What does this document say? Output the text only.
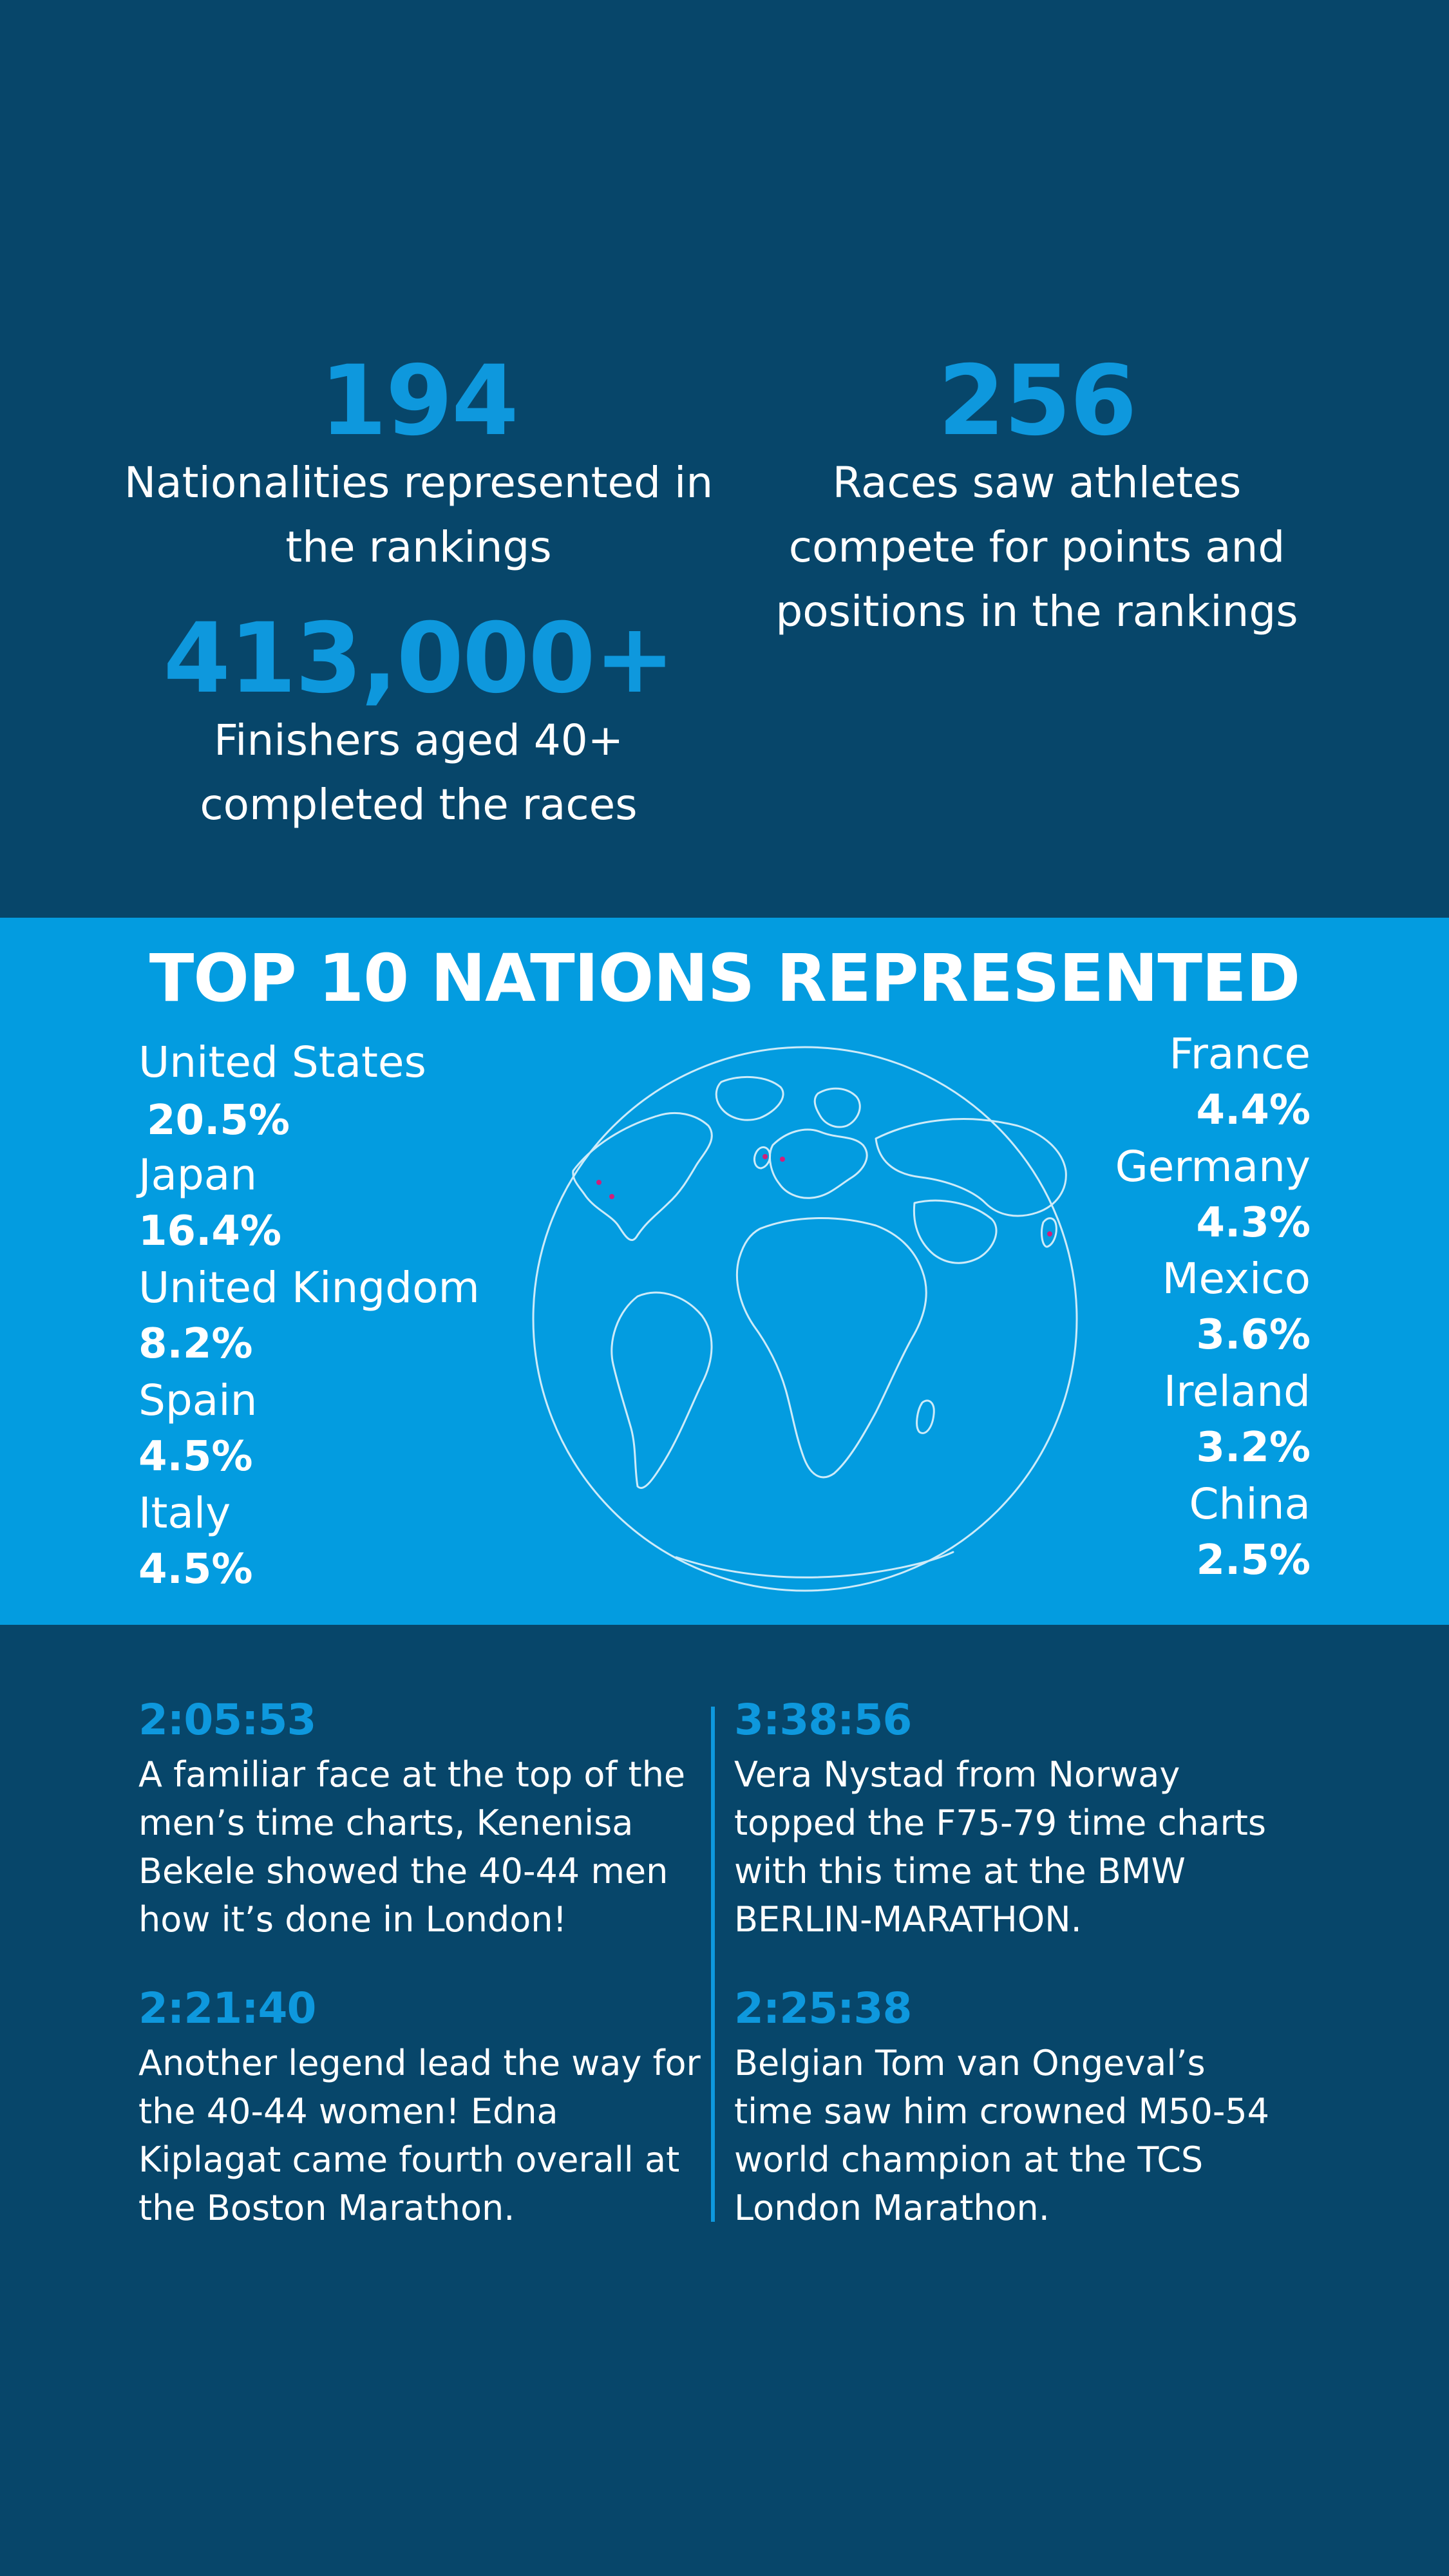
194
Nationalities represented in the rankings
413,000+
Finishers aged 40+ completed the races
256
Races saw athletes compete for points and positions in the rankings
TOP 10 NATIONS REPRESENTED
United States
20.5%
Japan
16.4%
United Kingdom
8.2%
Spain
4.5%
Italy
4.5%
France
4.4%
Germany
4.3%
Mexico
3.6%
Ireland
3.2%
China
2.5%
2:05:53
A familiar face at the top of the men’s time charts, Kenenisa Bekele showed the 40-44 men how it’s done in London!
3:38:56
Vera Nystad from Norway topped the F75-79 time charts with this time at the BMW BERLIN-MARATHON.
2:21:40
Another legend lead the way for the 40-44 women! Edna Kiplagat came fourth overall at the Boston Marathon.
2:25:38
Belgian Tom van Ongeval’s time saw him crowned M50-54 world champion at the TCS London Marathon.
